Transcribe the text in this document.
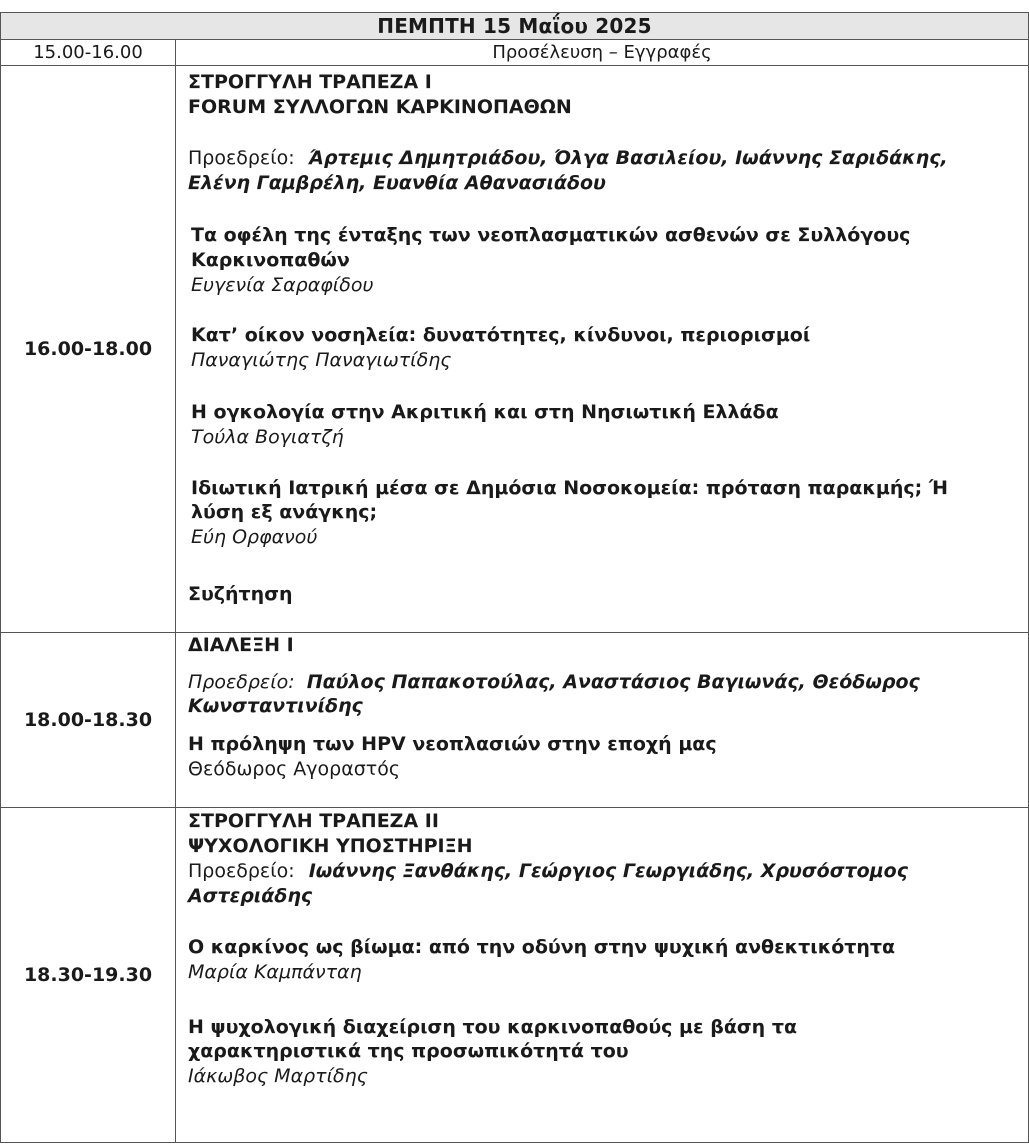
ΠΕΜΠΤΗ 15 Μαΐου 2025
15.00-16.00	Προσέλευση – Εγγραφές
16.00-18.00
ΣΤΡΟΓΓΥΛΗ ΤΡΑΠΕΖΑ Ι
FORUM ΣΥΛΛΟΓΩΝ ΚΑΡΚΙΝΟΠΑΘΩΝ
Προεδρείο: Άρτεμις Δημητριάδου, Όλγα Βασιλείου, Ιωάννης Σαριδάκης,
Ελένη Γαμβρέλη, Ευανθία Αθανασιάδου
Τα οφέλη της ένταξης των νεοπλασματικών ασθενών σε Συλλόγους
Καρκινοπαθών
Ευγενία Σαραφίδου
Κατ’ οίκον νοσηλεία: δυνατότητες, κίνδυνοι, περιορισμοί
Παναγιώτης Παναγιωτίδης
Η ογκολογία στην Ακριτική και στη Νησιωτική Ελλάδα
Τούλα Βογιατζή
Ιδιωτική Ιατρική μέσα σε Δημόσια Νοσοκομεία: πρόταση παρακμής; Ή
λύση εξ ανάγκης;
Εύη Ορφανού
Συζήτηση
18.00-18.30
ΔΙΑΛΕΞΗ Ι
Προεδρείο: Παύλος Παπακοτούλας, Αναστάσιος Βαγιωνάς, Θεόδωρος
Κωνσταντινίδης
Η πρόληψη των HPV νεοπλασιών στην εποχή μας
Θεόδωρος Αγοραστός
18.30-19.30
ΣΤΡΟΓΓΥΛΗ ΤΡΑΠΕΖΑ ΙΙ
ΨΥΧΟΛΟΓΙΚΗ ΥΠΟΣΤΗΡΙΞΗ
Προεδρείο: Ιωάννης Ξανθάκης, Γεώργιος Γεωργιάδης, Χρυσόστομος
Αστεριάδης
Ο καρκίνος ως βίωμα: από την οδύνη στην ψυχική ανθεκτικότητα
Μαρία Καμπάνταη
Η ψυχολογική διαχείριση του καρκινοπαθούς με βάση τα
χαρακτηριστικά της προσωπικότητά του
Ιάκωβος Μαρτίδης
